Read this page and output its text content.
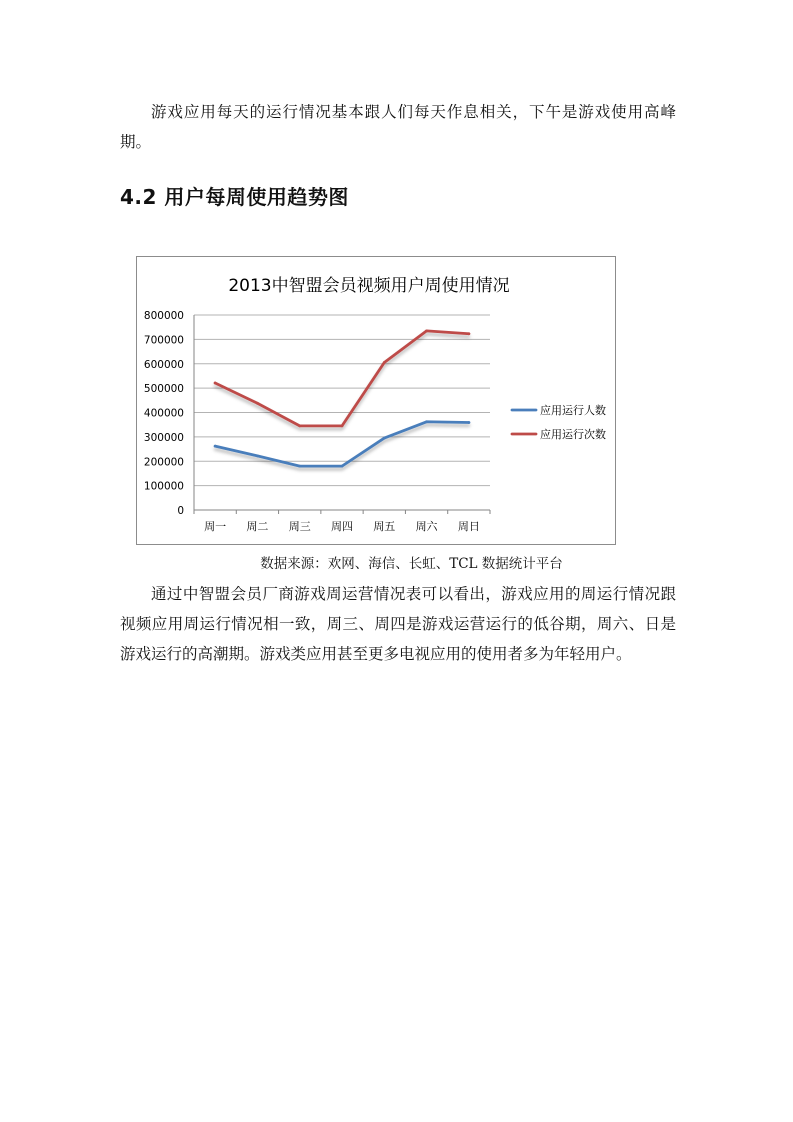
游戏应用每天的运行情况基本跟人们每天作息相关，下午是游戏使用高峰期。

4.2 用户每周使用趋势图
2013中智盟会员视频用户周使用情况
0
100000
200000
300000
400000
500000
600000
700000
800000
周一 周二 周三 周四 周五 周六 周日
应用运行人数
应用运行次数

数据来源：欢网、海信、长虹、TCL 数据统计平台

通过中智盟会员厂商游戏周运营情况表可以看出，游戏应用的周运行情况跟视频应用周运行情况相一致，周三、周四是游戏运营运行的低谷期，周六、日是游戏运行的高潮期。游戏类应用甚至更多电视应用的使用者多为年轻用户。
